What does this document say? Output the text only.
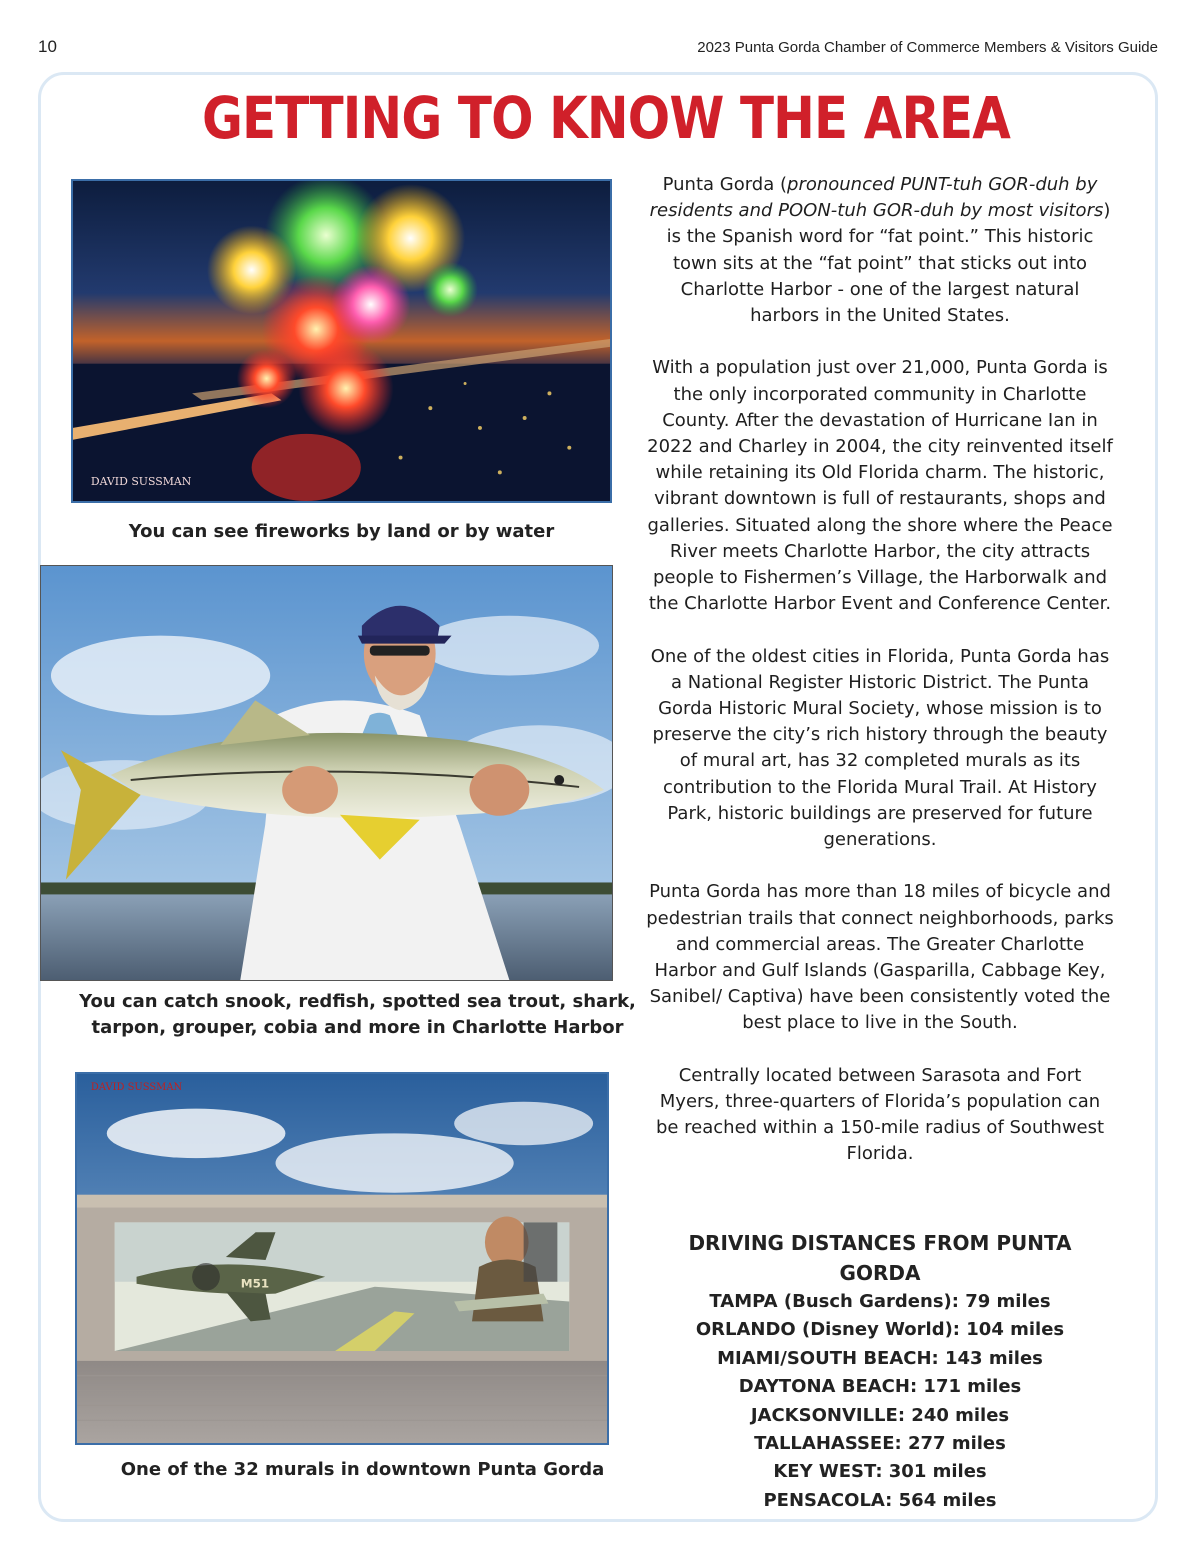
10	2023 Punta Gorda Chamber of Commerce Members & Visitors Guide
GETTING TO KNOW THE AREA
DAVID SUSSMAN
You can see fireworks by land or by water
You can catch snook, redfish, spotted sea trout, shark,
tarpon, grouper, cobia and more in Charlotte Harbor
M51
DAVID SUSSMAN
One of the 32 murals in downtown Punta Gorda

Punta Gorda (pronounced PUNT-tuh GOR-duh by residents and POON-tuh GOR-duh by most visitors) is the Spanish word for “fat point.” This historic town sits at the “fat point” that sticks out into Charlotte Harbor - one of the largest natural harbors in the United States.

With a population just over 21,000, Punta Gorda is the only incorporated community in Charlotte County. After the devastation of Hurricane Ian in 2022 and Charley in 2004, the city reinvented itself while retaining its Old Florida charm. The historic, vibrant downtown is full of restaurants, shops and galleries. Situated along the shore where the Peace River meets Charlotte Harbor, the city attracts people to Fishermen’s Village, the Harborwalk and the Charlotte Harbor Event and Conference Center.

One of the oldest cities in Florida, Punta Gorda has a National Register Historic District. The Punta Gorda Historic Mural Society, whose mission is to preserve the city’s rich history through the beauty of mural art, has 32 completed murals as its contribution to the Florida Mural Trail. At History Park, historic buildings are preserved for future generations.

Punta Gorda has more than 18 miles of bicycle and pedestrian trails that connect neighborhoods, parks and commercial areas. The Greater Charlotte Harbor and Gulf Islands (Gasparilla, Cabbage Key, Sanibel/ Captiva) have been consistently voted the best place to live in the South.

Centrally located between Sarasota and Fort Myers, three-quarters of Florida’s population can be reached within a 150-mile radius of Southwest Florida.

DRIVING DISTANCES FROM PUNTA GORDA
TAMPA (Busch Gardens): 79 miles
ORLANDO (Disney World): 104 miles
MIAMI/SOUTH BEACH: 143 miles
DAYTONA BEACH: 171 miles
JACKSONVILLE: 240 miles
TALLAHASSEE: 277 miles
KEY WEST: 301 miles
PENSACOLA: 564 miles
